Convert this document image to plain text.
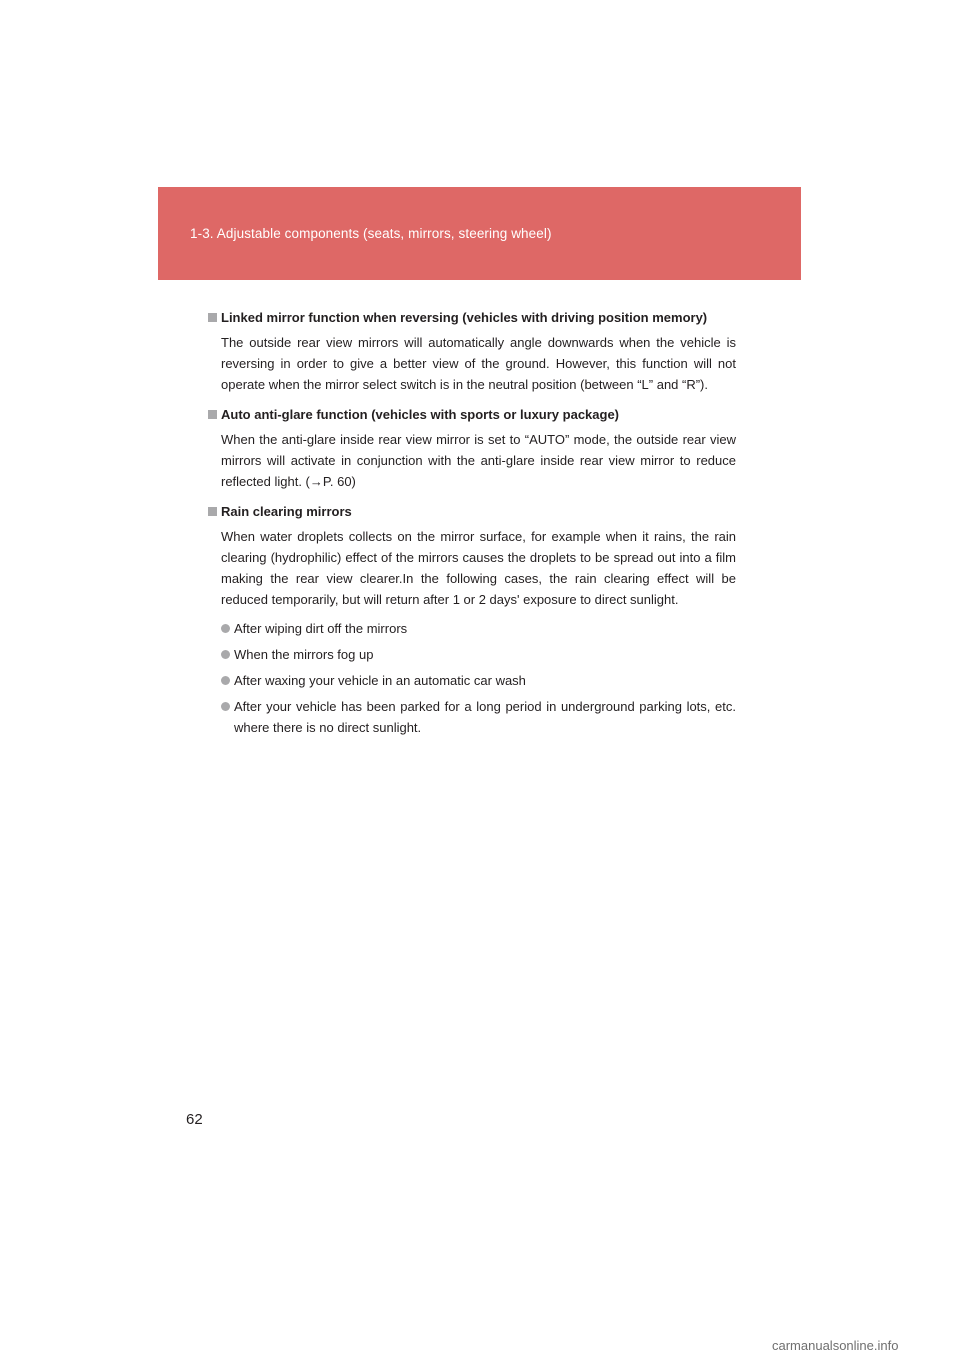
1-3. Adjustable components (seats, mirrors, steering wheel)
Linked mirror function when reversing (vehicles with driving position memory)
The outside rear view mirrors will automatically angle downwards when the vehicle is reversing in order to give a better view of the ground. However, this function will not operate when the mirror select switch is in the neutral position (between “L” and “R”).
Auto anti-glare function (vehicles with sports or luxury package)
When the anti-glare inside rear view mirror is set to “AUTO” mode, the outside rear view mirrors will activate in conjunction with the anti-glare inside rear view mirror to reduce reflected light. (→P. 60)
Rain clearing mirrors
When water droplets collects on the mirror surface, for example when it rains, the rain clearing (hydrophilic) effect of the mirrors causes the droplets to be spread out into a film making the rear view clearer.In the following cases, the rain clearing effect will be reduced temporarily, but will return after 1 or 2 days' exposure to direct sunlight.
After wiping dirt off the mirrors
When the mirrors fog up
After waxing your vehicle in an automatic car wash
After your vehicle has been parked for a long period in underground parking lots, etc. where there is no direct sunlight.
62
carmanualsonline.info
